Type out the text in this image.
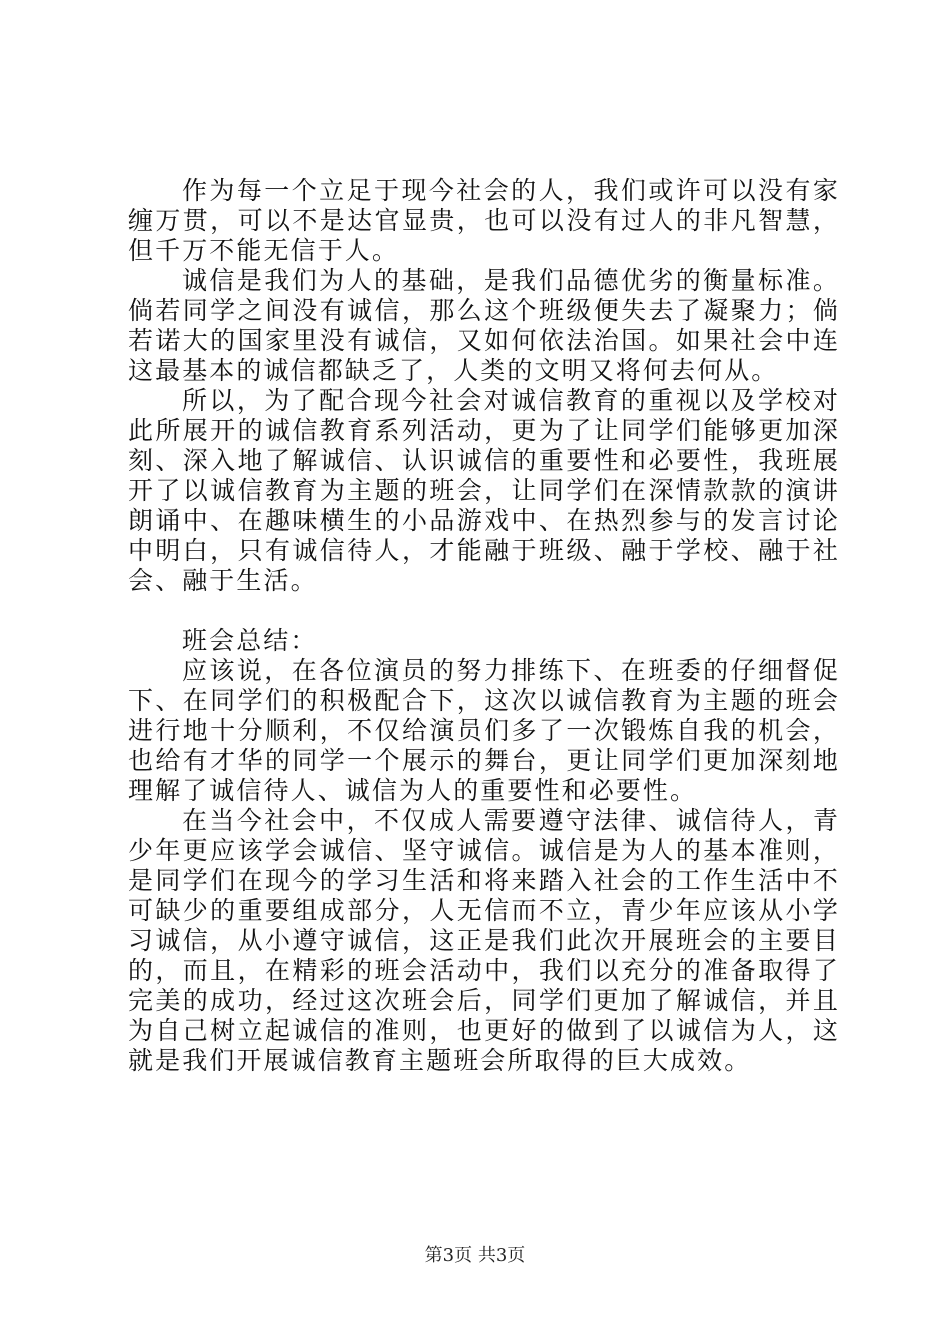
作为每一个立足于现今社会的人，我们或许可以没有家缠万贯，可以不是达官显贵，也可以没有过人的非凡智慧，但千万不能无信于人。

诚信是我们为人的基础，是我们品德优劣的衡量标准。倘若同学之间没有诚信，那么这个班级便失去了凝聚力；倘若诺大的国家里没有诚信，又如何依法治国。如果社会中连这最基本的诚信都缺乏了，人类的文明又将何去何从。

所以，为了配合现今社会对诚信教育的重视以及学校对此所展开的诚信教育系列活动，更为了让同学们能够更加深刻、深入地了解诚信、认识诚信的重要性和必要性，我班展开了以诚信教育为主题的班会，让同学们在深情款款的演讲朗诵中、在趣味横生的小品游戏中、在热烈参与的发言讨论中明白，只有诚信待人，才能融于班级、融于学校、融于社会、融于生活。

班会总结：

应该说，在各位演员的努力排练下、在班委的仔细督促下、在同学们的积极配合下，这次以诚信教育为主题的班会进行地十分顺利，不仅给演员们多了一次锻炼自我的机会，也给有才华的同学一个展示的舞台，更让同学们更加深刻地理解了诚信待人、诚信为人的重要性和必要性。

在当今社会中，不仅成人需要遵守法律、诚信待人，青少年更应该学会诚信、坚守诚信。诚信是为人的基本准则，是同学们在现今的学习生活和将来踏入社会的工作生活中不可缺少的重要组成部分，人无信而不立，青少年应该从小学习诚信，从小遵守诚信，这正是我们此次开展班会的主要目的，而且，在精彩的班会活动中，我们以充分的准备取得了完美的成功，经过这次班会后，同学们更加了解诚信，并且为自己树立起诚信的准则，也更好的做到了以诚信为人，这就是我们开展诚信教育主题班会所取得的巨大成效。

第3页 共3页
